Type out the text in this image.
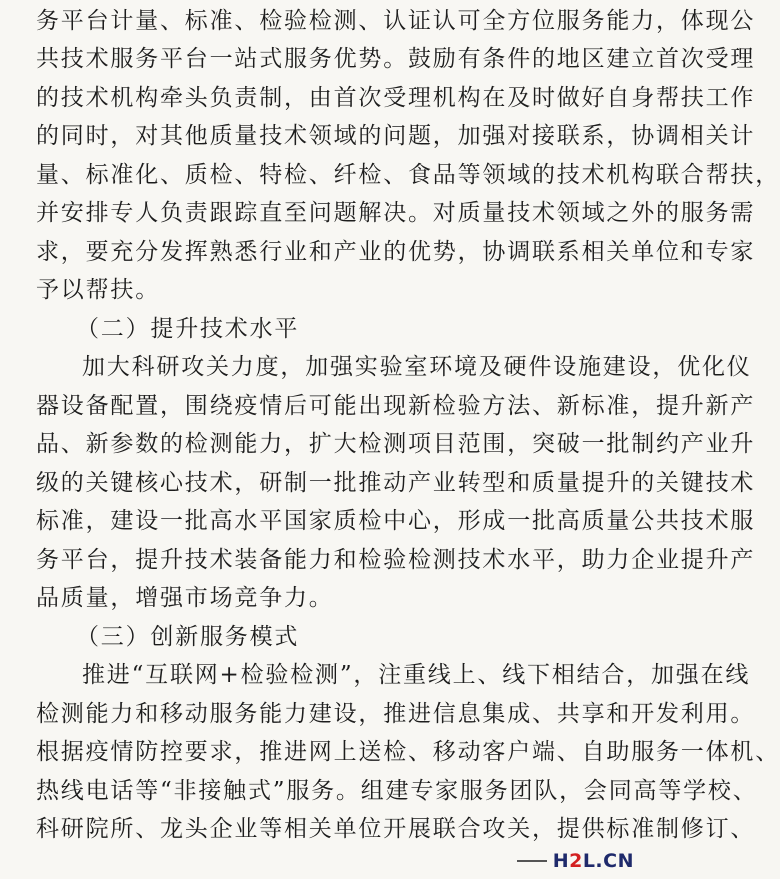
务平台计量、标准、检验检测、认证认可全方位服务能力，体现公
共技术服务平台一站式服务优势。鼓励有条件的地区建立首次受理
的技术机构牵头负责制，由首次受理机构在及时做好自身帮扶工作
的同时，对其他质量技术领域的问题，加强对接联系，协调相关计
量、标准化、质检、特检、纤检、食品等领域的技术机构联合帮扶，
并安排专人负责跟踪直至问题解决。对质量技术领域之外的服务需
求，要充分发挥熟悉行业和产业的优势，协调联系相关单位和专家
予以帮扶。
（二）提升技术水平
加大科研攻关力度，加强实验室环境及硬件设施建设，优化仪
器设备配置，围绕疫情后可能出现新检验方法、新标准，提升新产
品、新参数的检测能力，扩大检测项目范围，突破一批制约产业升
级的关键核心技术，研制一批推动产业转型和质量提升的关键技术
标准，建设一批高水平国家质检中心，形成一批高质量公共技术服
务平台，提升技术装备能力和检验检测技术水平，助力企业提升产
品质量，增强市场竞争力。
（三）创新服务模式
推进“互联网+检验检测”，注重线上、线下相结合，加强在线
检测能力和移动服务能力建设，推进信息集成、共享和开发利用。
根据疫情防控要求，推进网上送检、移动客户端、自助服务一体机、
热线电话等“非接触式”服务。组建专家服务团队，会同高等学校、
科研院所、龙头企业等相关单位开展联合攻关，提供标准制修订、
H2L.CN
